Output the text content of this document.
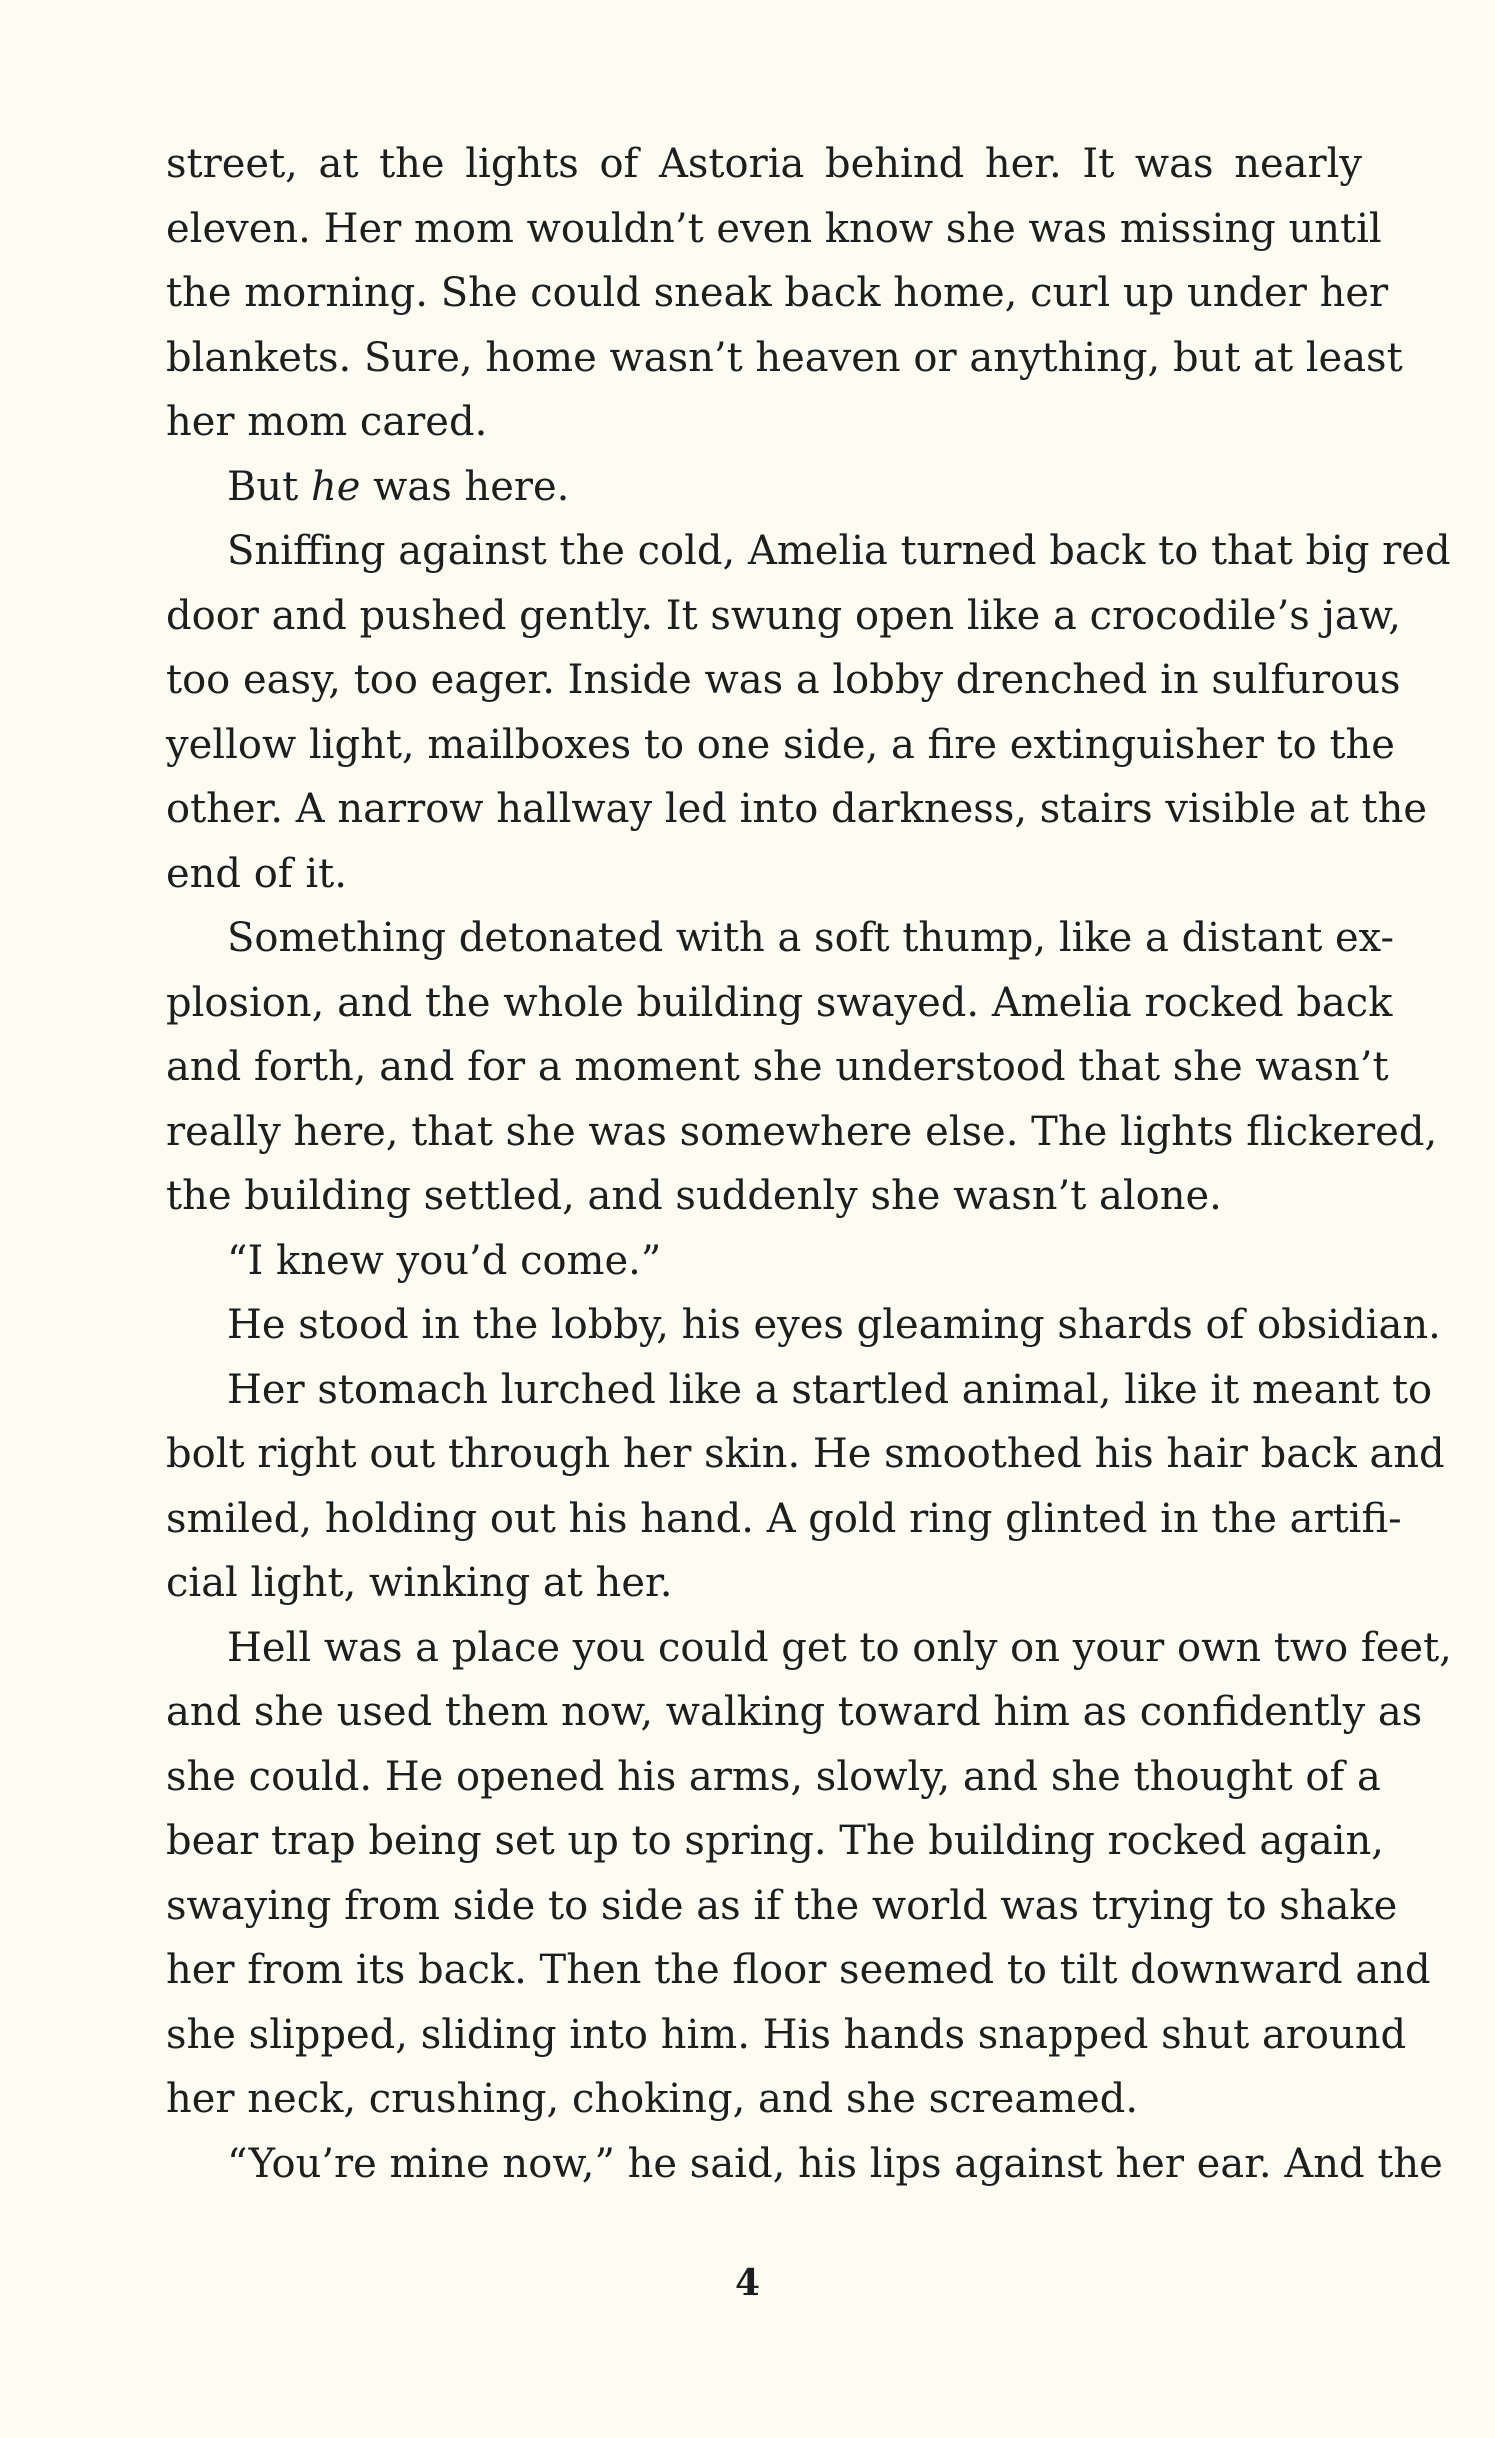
street, at the lights of Astoria behind her. It was nearly
eleven. Her mom wouldn’t even know she was missing until
the morning. She could sneak back home, curl up under her
blankets. Sure, home wasn’t heaven or anything, but at least
her mom cared.
But he was here.
Sniffing against the cold, Amelia turned back to that big red
door and pushed gently. It swung open like a crocodile’s jaw,
too easy, too eager. Inside was a lobby drenched in sulfurous
yellow light, mailboxes to one side, a fire extinguisher to the
other. A narrow hallway led into darkness, stairs visible at the
end of it.
Something detonated with a soft thump, like a distant ex-
plosion, and the whole building swayed. Amelia rocked back
and forth, and for a moment she understood that she wasn’t
really here, that she was somewhere else. The lights flickered,
the building settled, and suddenly she wasn’t alone.
“I knew you’d come.”
He stood in the lobby, his eyes gleaming shards of obsidian.
Her stomach lurched like a startled animal, like it meant to
bolt right out through her skin. He smoothed his hair back and
smiled, holding out his hand. A gold ring glinted in the artifi-
cial light, winking at her.
Hell was a place you could get to only on your own two feet,
and she used them now, walking toward him as confidently as
she could. He opened his arms, slowly, and she thought of a
bear trap being set up to spring. The building rocked again,
swaying from side to side as if the world was trying to shake
her from its back. Then the floor seemed to tilt downward and
she slipped, sliding into him. His hands snapped shut around
her neck, crushing, choking, and she screamed.
“You’re mine now,” he said, his lips against her ear. And the
4
